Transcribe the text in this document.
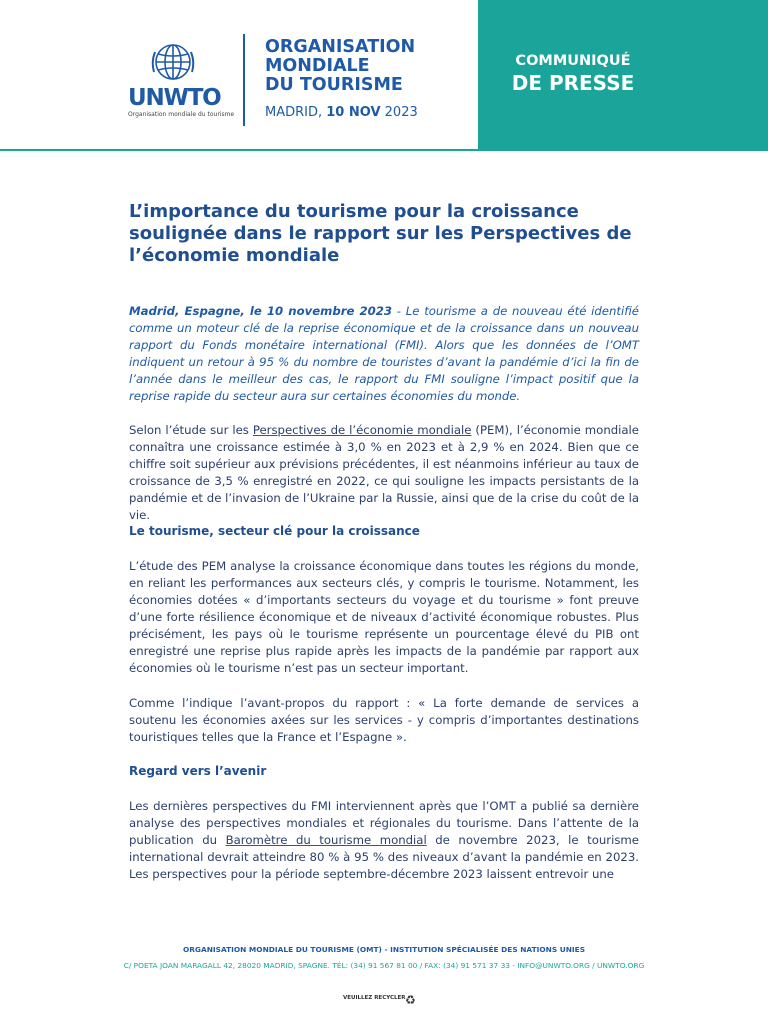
UNWTO
Organisation mondiale du tourisme
ORGANISATION
MONDIALE
DU TOURISME
MADRID, 10 NOV 2023
COMMUNIQUÉ
DE PRESSE
L’importance du tourisme pour la croissance soulignée dans le rapport sur les Perspectives de l’économie mondiale

Madrid, Espagne, le 10 novembre 2023 - Le tourisme a de nouveau été identifié comme un moteur clé de la reprise économique et de la croissance dans un nouveau rapport du Fonds monétaire international (FMI). Alors que les données de l’OMT indiquent un retour à 95 % du nombre de touristes d’avant la pandémie d’ici la fin de l’année dans le meilleur des cas, le rapport du FMI souligne l’impact positif que la reprise rapide du secteur aura sur certaines économies du monde.

Selon l’étude sur les Perspectives de l’économie mondiale (PEM), l’économie mondiale connaîtra une croissance estimée à 3,0 % en 2023 et à 2,9 % en 2024. Bien que ce chiffre soit supérieur aux prévisions précédentes, il est néanmoins inférieur au taux de croissance de 3,5 % enregistré en 2022, ce qui souligne les impacts persistants de la pandémie et de l’invasion de l’Ukraine par la Russie, ainsi que de la crise du coût de la vie.

Le tourisme, secteur clé pour la croissance

L’étude des PEM analyse la croissance économique dans toutes les régions du monde, en reliant les performances aux secteurs clés, y compris le tourisme. Notamment, les économies dotées « d’importants secteurs du voyage et du tourisme » font preuve d’une forte résilience économique et de niveaux d’activité économique robustes. Plus précisément, les pays où le tourisme représente un pourcentage élevé du PIB ont enregistré une reprise plus rapide après les impacts de la pandémie par rapport aux économies où le tourisme n’est pas un secteur important.

Comme l’indique l’avant-propos du rapport : « La forte demande de services a soutenu les économies axées sur les services - y compris d’importantes destinations touristiques telles que la France et l’Espagne ».

Regard vers l’avenir

Les dernières perspectives du FMI interviennent après que l’OMT a publié sa dernière analyse des perspectives mondiales et régionales du tourisme. Dans l’attente de la publication du Baromètre du tourisme mondial de novembre 2023, le tourisme international devrait atteindre 80 % à 95 % des niveaux d’avant la pandémie en 2023. Les perspectives pour la période septembre-décembre 2023 laissent entrevoir une

ORGANISATION MONDIALE DU TOURISME (OMT) - INSTITUTION SPÉCIALISÉE DES NATIONS UNIES
C/ POETA JOAN MARAGALL 42, 28020 MADRID, SPAGNE. TÉL: (34) 91 567 81 00 / FAX: (34) 91 571 37 33 - INFO@UNWTO.ORG / UNWTO.ORG
VEUILLEZ RECYCLER ♻
